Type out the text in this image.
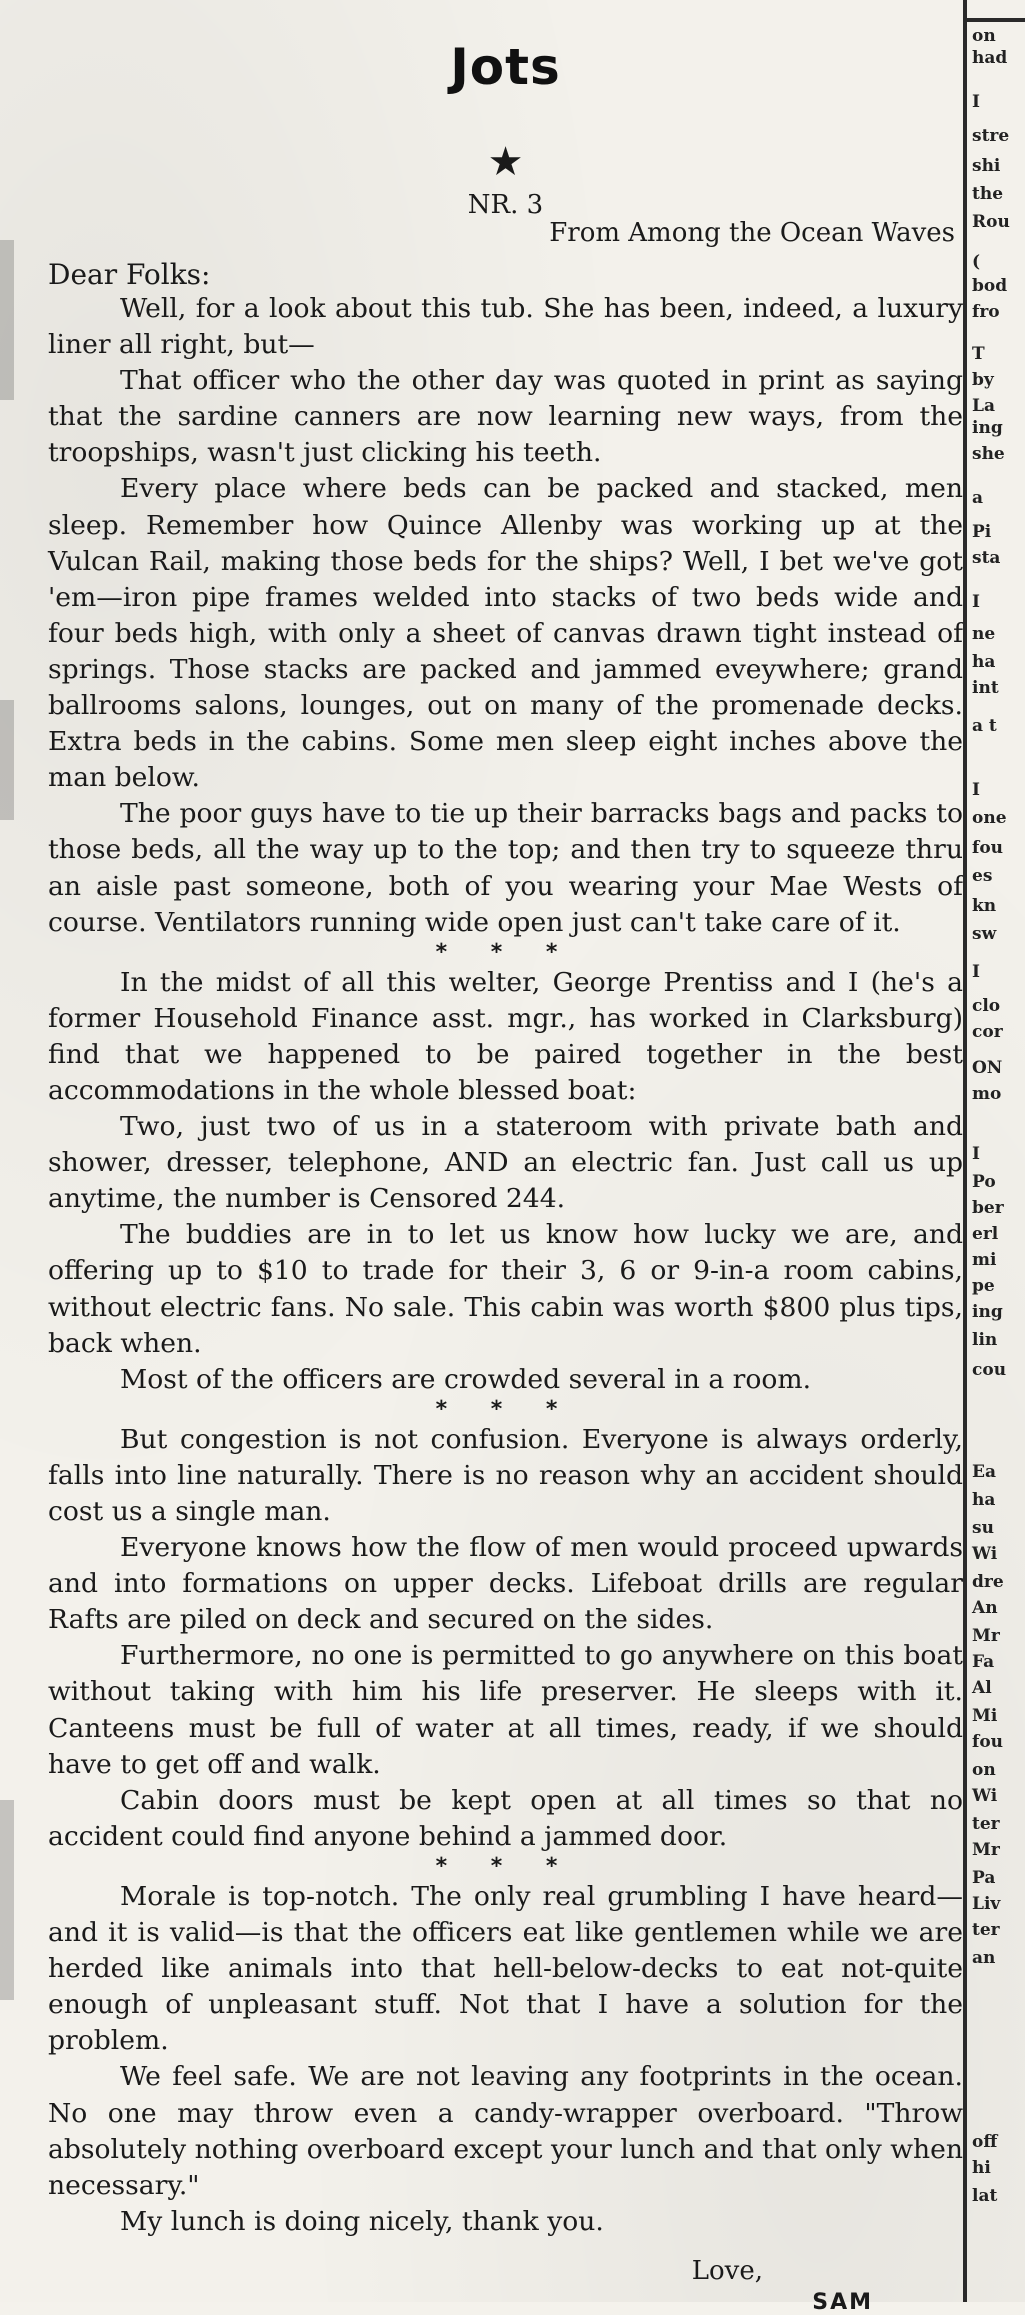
Jots
★
NR. 3
From Among the Ocean Waves
Dear Folks:

Well, for a look about this tub. She has been, indeed, a luxury liner all right, but—

That officer who the other day was quoted in print as saying that the sardine canners are now learning new ways, from the troopships, wasn't just clicking his teeth.

Every place where beds can be packed and stacked, men sleep. Remember how Quince Allenby was working up at the Vulcan Rail, making those beds for the ships? Well, I bet we've got 'em—iron pipe frames welded into stacks of two beds wide and four beds high, with only a sheet of canvas drawn tight instead of springs. Those stacks are packed and jammed eveywhere; grand ballrooms salons, lounges, out on many of the promenade decks. Extra beds in the cabins. Some men sleep eight inches above the man below.

The poor guys have to tie up their barracks bags and packs to those beds, all the way up to the top; and then try to squeeze thru an aisle past someone, both of you wearing your Mae Wests of course. Ventilators running wide open just can't take care of it.

* * *

In the midst of all this welter, George Prentiss and I (he's a former Household Finance asst. mgr., has worked in Clarksburg) find that we happened to be paired together in the best accommodations in the whole blessed boat:

Two, just two of us in a stateroom with private bath and shower, dresser, telephone, AND an electric fan. Just call us up anytime, the number is Censored 244.

The buddies are in to let us know how lucky we are, and offering up to $10 to trade for their 3, 6 or 9-in-a room cabins, without electric fans. No sale. This cabin was worth $800 plus tips, back when.

Most of the officers are crowded several in a room.

* * *

But congestion is not confusion. Everyone is always orderly, falls into line naturally. There is no reason why an accident should cost us a single man.

Everyone knows how the flow of men would proceed upwards and into formations on upper decks. Lifeboat drills are regular Rafts are piled on deck and secured on the sides.

Furthermore, no one is permitted to go anywhere on this boat without taking with him his life preserver. He sleeps with it. Canteens must be full of water at all times, ready, if we should have to get off and walk.

Cabin doors must be kept open at all times so that no accident could find anyone behind a jammed door.

* * *

Morale is top-notch. The only real grumbling I have heard—and it is valid—is that the officers eat like gentlemen while we are herded like animals into that hell-below-decks to eat not-quite enough of unpleasant stuff. Not that I have a solution for the problem.

We feel safe. We are not leaving any footprints in the ocean. No one may throw even a candy-wrapper overboard. "Throw absolutely nothing overboard except your lunch and that only when necessary."

My lunch is doing nicely, thank you.

Love,
SAM
on
had
I
stre
shi
the
Rou
(
bod
fro
T
by
La
ing
she
a
Pi
sta
I
ne
ha
int
a t
I
one
fou
es
kn
sw
I
clo
cor
ON
mo
I
Po
ber
erl
mi
pe
ing
lin
cou
Ea
ha
su
Wi
dre
An
Mr
Fa
Al
Mi
fou
on
Wi
ter
Mr
Pa
Liv
ter
an
off
hi
lat
